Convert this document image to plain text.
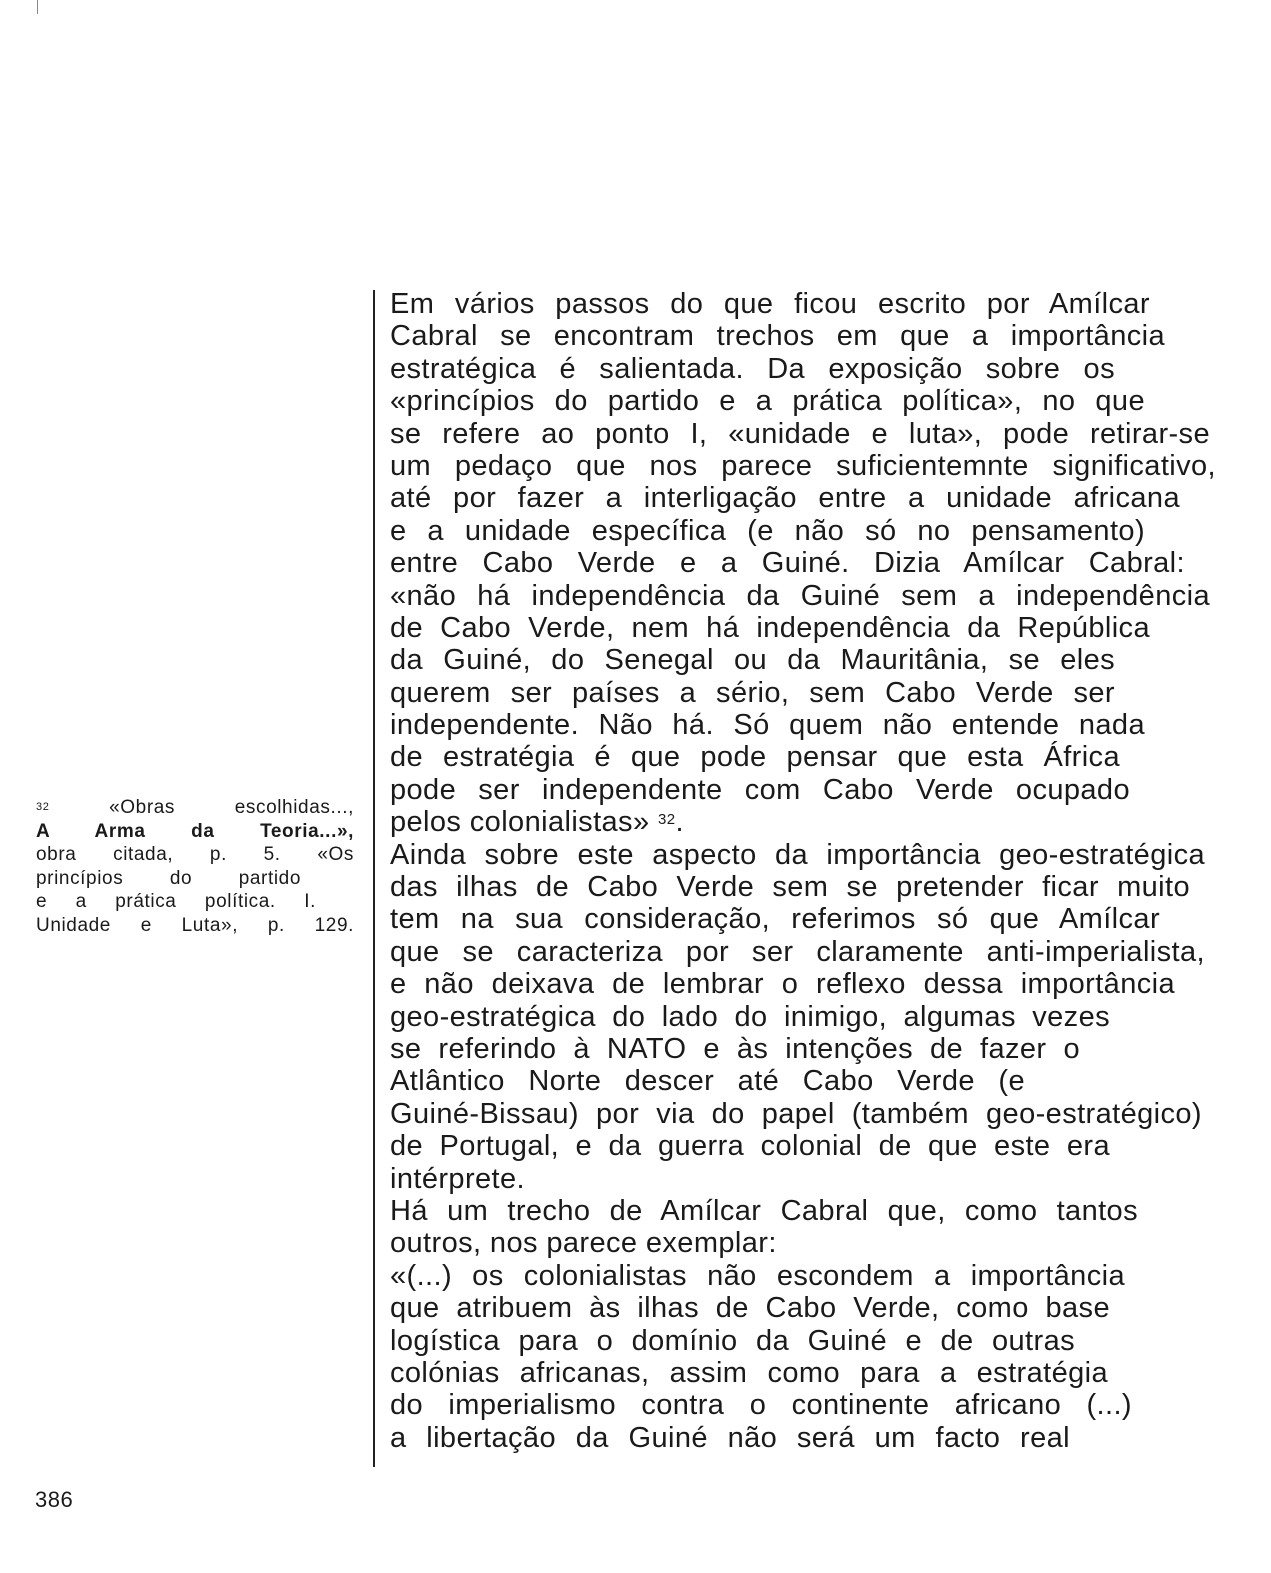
$^{32}$	«Obras escolhidas...,
A Arma da Teoria...»,
obra citada, p. 5. «Os
princípios do partido
e a prática política. I.
Unidade e Luta», p. 129.
Em vários passos do que ficou escrito por Amílcar
Cabral se encontram trechos em que a importância
estratégica é salientada. Da exposição sobre os
«princípios do partido e a prática política», no que
se refere ao ponto I, «unidade e luta», pode retirar-se
um pedaço que nos parece suficientemnte significativo,
até por fazer a interligação entre a unidade africana
e a unidade específica (e não só no pensamento)
entre Cabo Verde e a Guiné. Dizia Amílcar Cabral:
«não há independência da Guiné sem a independência
de Cabo Verde, nem há independência da República
da Guiné, do Senegal ou da Mauritânia, se eles
querem ser países a sério, sem Cabo Verde ser
independente. Não há. Só quem não entende nada
de estratégia é que pode pensar que esta África
pode ser independente com Cabo Verde ocupado
pelos colonialistas» $^{32}$.
Ainda sobre este aspecto da importância geo-estratégica
das ilhas de Cabo Verde sem se pretender ficar muito
tem na sua consideração, referimos só que Amílcar
que se caracteriza por ser claramente anti-imperialista,
e não deixava de lembrar o reflexo dessa importância
geo-estratégica do lado do inimigo, algumas vezes
se referindo à NATO e às intenções de fazer o
Atlântico Norte descer até Cabo Verde (e
Guiné-Bissau) por via do papel (também geo-estratégico)
de Portugal, e da guerra colonial de que este era
intérprete.
Há um trecho de Amílcar Cabral que, como tantos
outros, nos parece exemplar:
«(...) os colonialistas não escondem a importância
que atribuem às ilhas de Cabo Verde, como base
logística para o domínio da Guiné e de outras
colónias africanas, assim como para a estratégia
do imperialismo contra o continente africano (...)
a libertação da Guiné não será um facto real
386
